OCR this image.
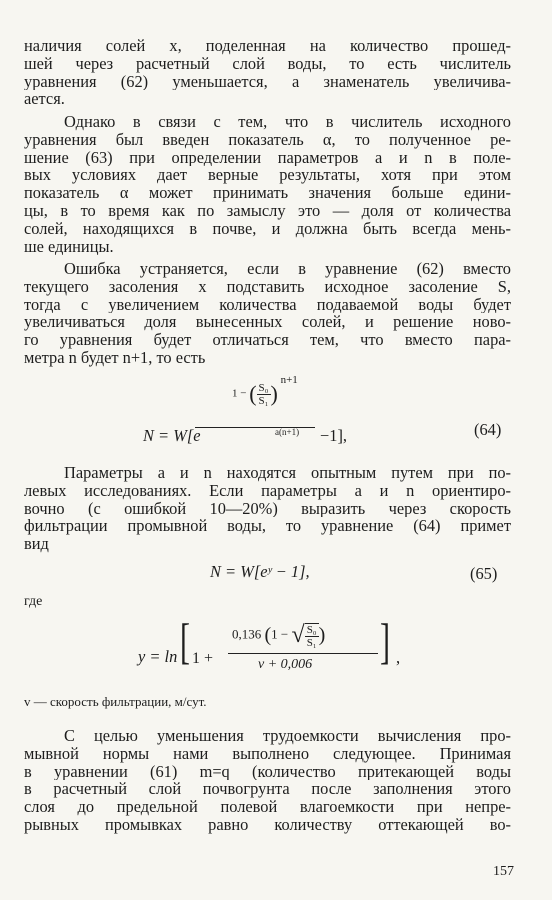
наличия солей x, поделенная на количество прошед-
шей через расчетный слой воды, то есть числитель
уравнения (62) уменьшается, а знаменатель увеличива-
ается.
Однако в связи с тем, что в числитель исходного
уравнения был введен показатель α, то полученное ре-
шение (63) при определении параметров a и n в поле-
вых условиях дает верные результаты, хотя при этом
показатель α может принимать значения больше едини-
цы, в то время как по замыслу это — доля от количества
солей, находящихся в почве, и должна быть всегда мень-
ше единицы.
Ошибка устраняется, если в уравнение (62) вместо
текущего засоления x подставить исходное засоление S,
тогда с увеличением количества подаваемой воды будет
увеличиваться доля вынесенных солей, и решение ново-
го уравнения будет отличаться тем, что вместо пара-
метра n будет n+1, то есть
1 − ( $\frac{\text{S₀}}{\text{S₁}}$ ) n+1
a(n+1)
N = W[e	−1],	(64)
Параметры a и n находятся опытным путем при по-
левых исследованиях. Если параметры a и n ориентиро-
вочно (с ошибкой 10—20%) выразить через скорость
фильтрации промывной воды, то уравнение (64) примет
вид
N = W[eʸ − 1],	(65)
где
y = ln [ 1 +
0,136 (1 − √ $\frac{\text{S₀}}{\text{S₁}}$ )
v + 0,006 ] ,
v — скорость фильтрации, м/сут.
С целью уменьшения трудоемкости вычисления про-
мывной нормы нами выполнено следующее. Принимая
в уравнении (61) m=q (количество притекающей воды
в расчетный слой почвогрунта после заполнения этого
слоя до предельной полевой влагоемкости при непре-
рывных промывках равно количеству оттекающей во-
157
